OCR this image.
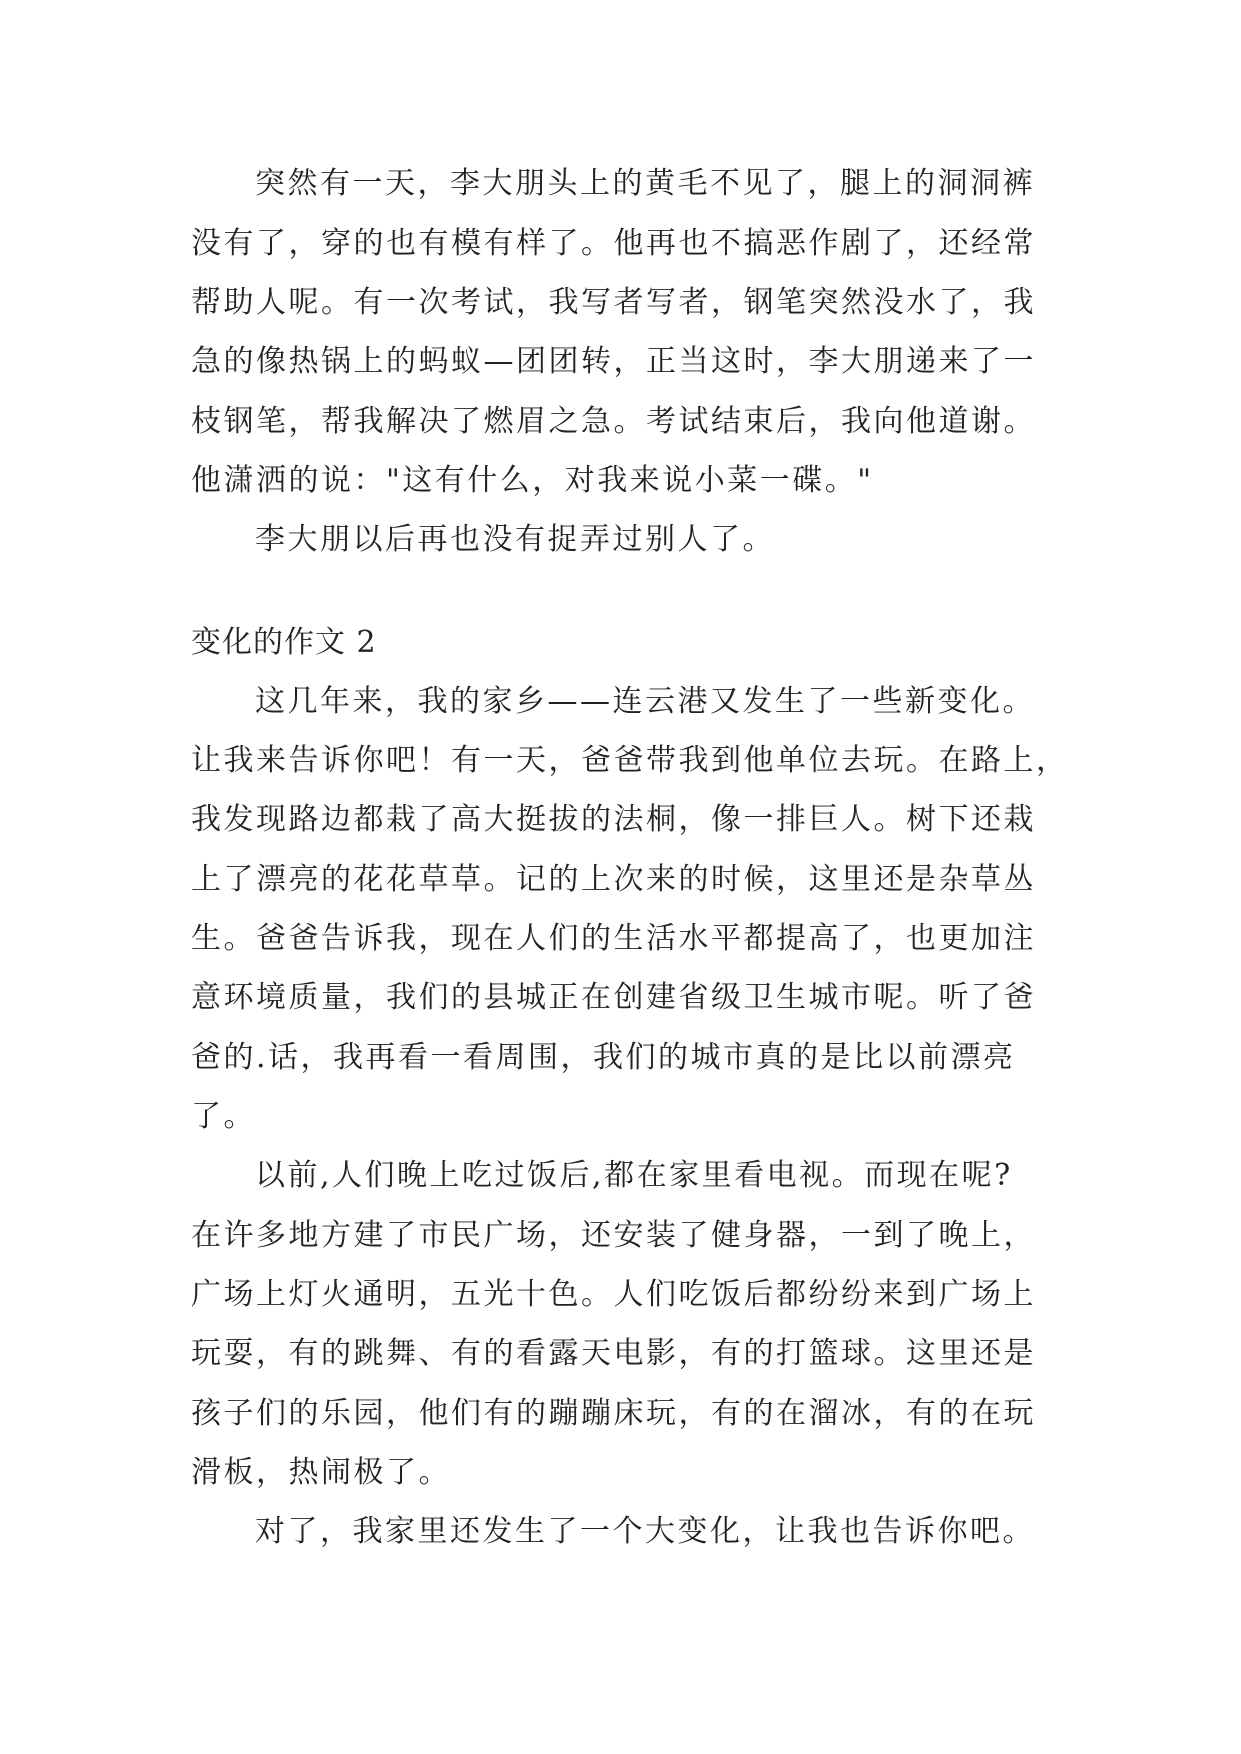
突然有一天，李大朋头上的黄毛不见了，腿上的洞洞裤
没有了，穿的也有模有样了。他再也不搞恶作剧了，还经常
帮助人呢。有一次考试，我写者写者，钢笔突然没水了，我
急的像热锅上的蚂蚁—团团转，正当这时，李大朋递来了一
枝钢笔，帮我解决了燃眉之急。考试结束后，我向他道谢。
他潇洒的说："这有什么，对我来说小菜一碟。"
李大朋以后再也没有捉弄过别人了。
变化的作文 2
这几年来，我的家乡——连云港又发生了一些新变化。
让我来告诉你吧！有一天，爸爸带我到他单位去玩。在路上，
我发现路边都栽了高大挺拔的法桐，像一排巨人。树下还栽
上了漂亮的花花草草。记的上次来的时候，这里还是杂草丛
生。爸爸告诉我，现在人们的生活水平都提高了，也更加注
意环境质量，我们的县城正在创建省级卫生城市呢。听了爸
爸的.话，我再看一看周围，我们的城市真的是比以前漂亮
了。
以前,人们晚上吃过饭后,都在家里看电视。而现在呢?
在许多地方建了市民广场，还安装了健身器，一到了晚上，
广场上灯火通明，五光十色。人们吃饭后都纷纷来到广场上
玩耍，有的跳舞、有的看露天电影，有的打篮球。这里还是
孩子们的乐园，他们有的蹦蹦床玩，有的在溜冰，有的在玩
滑板，热闹极了。
对了，我家里还发生了一个大变化，让我也告诉你吧。
